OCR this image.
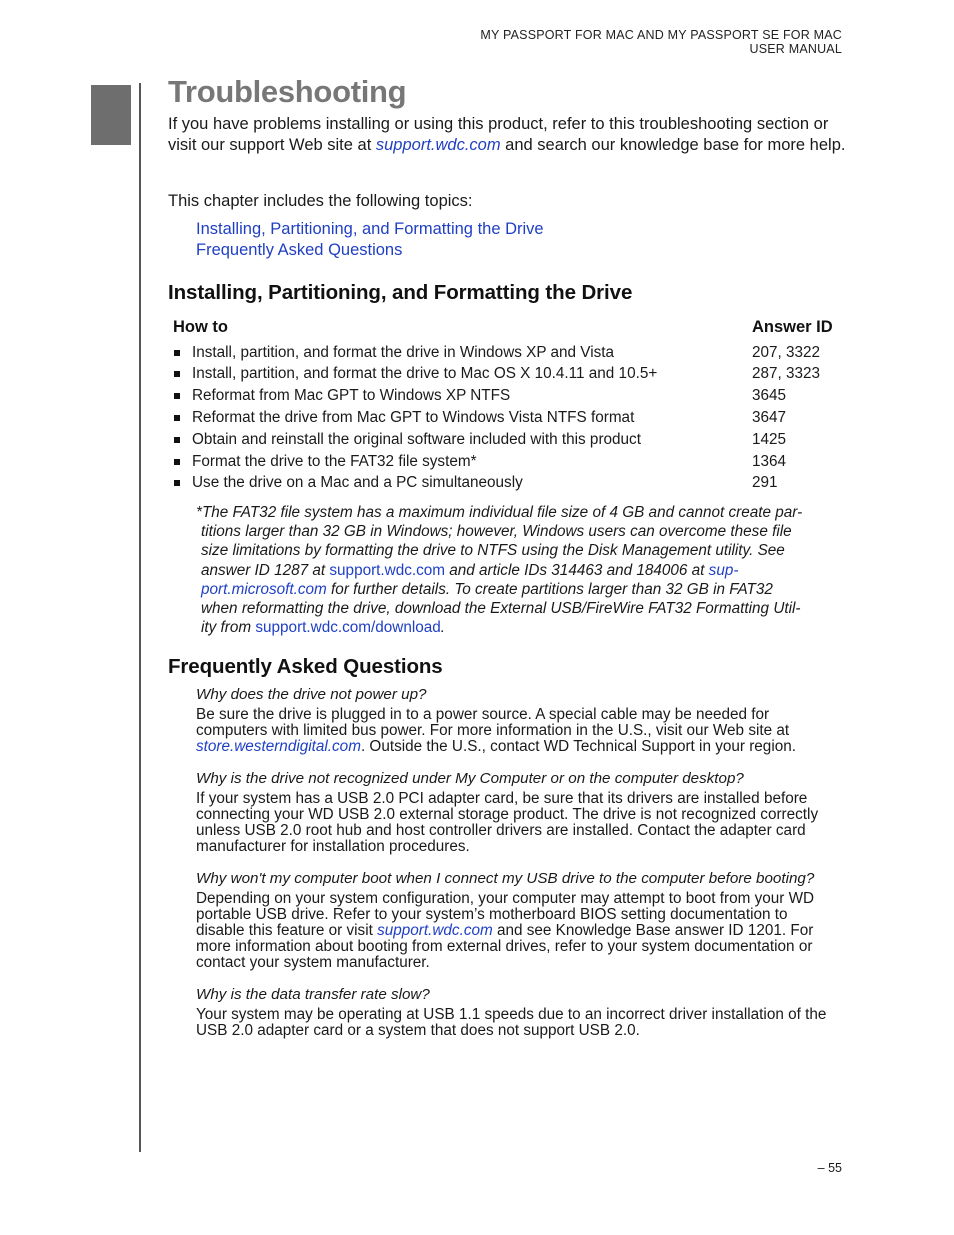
MY PASSPORT FOR MAC AND MY PASSPORT SE FOR MAC
USER MANUAL
Troubleshooting
If you have problems installing or using this product, refer to this troubleshooting section or visit our support Web site at support.wdc.com and search our knowledge base for more help.
This chapter includes the following topics:
Installing, Partitioning, and Formatting the Drive
Frequently Asked Questions
Installing, Partitioning, and Formatting the Drive
How to	Answer ID
Install, partition, and format the drive in Windows XP and Vista	207, 3322
Install, partition, and format the drive to Mac OS X 10.4.11 and 10.5+	287, 3323
Reformat from Mac GPT to Windows XP NTFS	3645
Reformat the drive from Mac GPT to Windows Vista NTFS format	3647
Obtain and reinstall the original software included with this product	1425
Format the drive to the FAT32 file system*	1364
Use the drive on a Mac and a PC simultaneously	291
*The FAT32 file system has a maximum individual file size of 4 GB and cannot create par-
titions larger than 32 GB in Windows; however, Windows users can overcome these file
size limitations by formatting the drive to NTFS using the Disk Management utility. See
answer ID 1287 at support.wdc.com and article IDs 314463 and 184006 at sup-
port.microsoft.com for further details. To create partitions larger than 32 GB in FAT32
when reformatting the drive, download the External USB/FireWire FAT32 Formatting Util-
ity from support.wdc.com/download.
Frequently Asked Questions
Why does the drive not power up?
Be sure the drive is plugged in to a power source. A special cable may be needed for
computers with limited bus power. For more information in the U.S., visit our Web site at
store.westerndigital.com. Outside the U.S., contact WD Technical Support in your region.
Why is the drive not recognized under My Computer or on the computer desktop?
If your system has a USB 2.0 PCI adapter card, be sure that its drivers are installed before
connecting your WD USB 2.0 external storage product. The drive is not recognized correctly
unless USB 2.0 root hub and host controller drivers are installed. Contact the adapter card
manufacturer for installation procedures.
Why won't my computer boot when I connect my USB drive to the computer before booting?
Depending on your system configuration, your computer may attempt to boot from your WD
portable USB drive. Refer to your system’s motherboard BIOS setting documentation to
disable this feature or visit support.wdc.com and see Knowledge Base answer ID 1201. For
more information about booting from external drives, refer to your system documentation or
contact your system manufacturer.
Why is the data transfer rate slow?
Your system may be operating at USB 1.1 speeds due to an incorrect driver installation of the
USB 2.0 adapter card or a system that does not support USB 2.0.
– 55
